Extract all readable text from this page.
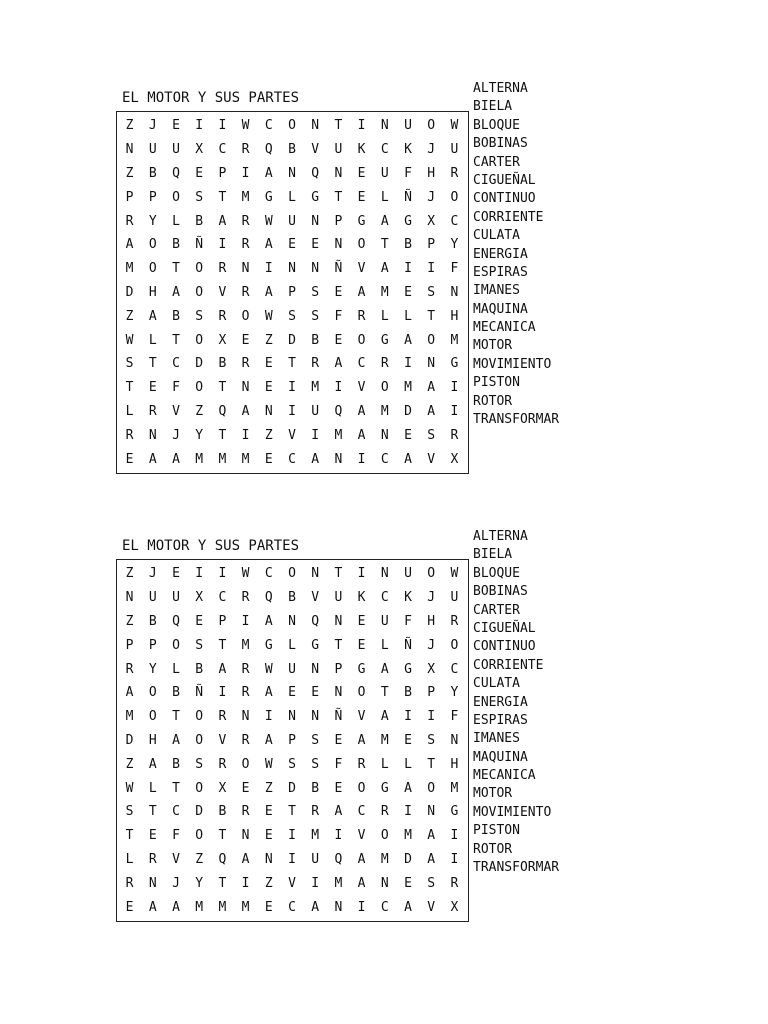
EL MOTOR Y SUS PARTES
Z	J	E	I	I	W	C	O	N	T	I	N	U	O	W
N	U	U	X	C	R	Q	B	V	U	K	C	K	J	U
Z	B	Q	E	P	I	A	N	Q	N	E	U	F	H	R
P	P	O	S	T	M	G	L	G	T	E	L	Ñ	J	O
R	Y	L	B	A	R	W	U	N	P	G	A	G	X	C
A	O	B	Ñ	I	R	A	E	E	N	O	T	B	P	Y
M	O	T	O	R	N	I	N	N	Ñ	V	A	I	I	F
D	H	A	O	V	R	A	P	S	E	A	M	E	S	N
Z	A	B	S	R	O	W	S	S	F	R	L	L	T	H
W	L	T	O	X	E	Z	D	B	E	O	G	A	O	M
S	T	C	D	B	R	E	T	R	A	C	R	I	N	G
T	E	F	O	T	N	E	I	M	I	V	O	M	A	I
L	R	V	Z	Q	A	N	I	U	Q	A	M	D	A	I
R	N	J	Y	T	I	Z	V	I	M	A	N	E	S	R
E	A	A	M	M	M	E	C	A	N	I	C	A	V	X
ALTERNA
BIELA
BLOQUE
BOBINAS
CARTER
CIGUEÑAL
CONTINUO
CORRIENTE
CULATA
ENERGIA
ESPIRAS
IMANES
MAQUINA
MECANICA
MOTOR
MOVIMIENTO
PISTON
ROTOR
TRANSFORMAR
EL MOTOR Y SUS PARTES
Z	J	E	I	I	W	C	O	N	T	I	N	U	O	W
N	U	U	X	C	R	Q	B	V	U	K	C	K	J	U
Z	B	Q	E	P	I	A	N	Q	N	E	U	F	H	R
P	P	O	S	T	M	G	L	G	T	E	L	Ñ	J	O
R	Y	L	B	A	R	W	U	N	P	G	A	G	X	C
A	O	B	Ñ	I	R	A	E	E	N	O	T	B	P	Y
M	O	T	O	R	N	I	N	N	Ñ	V	A	I	I	F
D	H	A	O	V	R	A	P	S	E	A	M	E	S	N
Z	A	B	S	R	O	W	S	S	F	R	L	L	T	H
W	L	T	O	X	E	Z	D	B	E	O	G	A	O	M
S	T	C	D	B	R	E	T	R	A	C	R	I	N	G
T	E	F	O	T	N	E	I	M	I	V	O	M	A	I
L	R	V	Z	Q	A	N	I	U	Q	A	M	D	A	I
R	N	J	Y	T	I	Z	V	I	M	A	N	E	S	R
E	A	A	M	M	M	E	C	A	N	I	C	A	V	X
ALTERNA
BIELA
BLOQUE
BOBINAS
CARTER
CIGUEÑAL
CONTINUO
CORRIENTE
CULATA
ENERGIA
ESPIRAS
IMANES
MAQUINA
MECANICA
MOTOR
MOVIMIENTO
PISTON
ROTOR
TRANSFORMAR
